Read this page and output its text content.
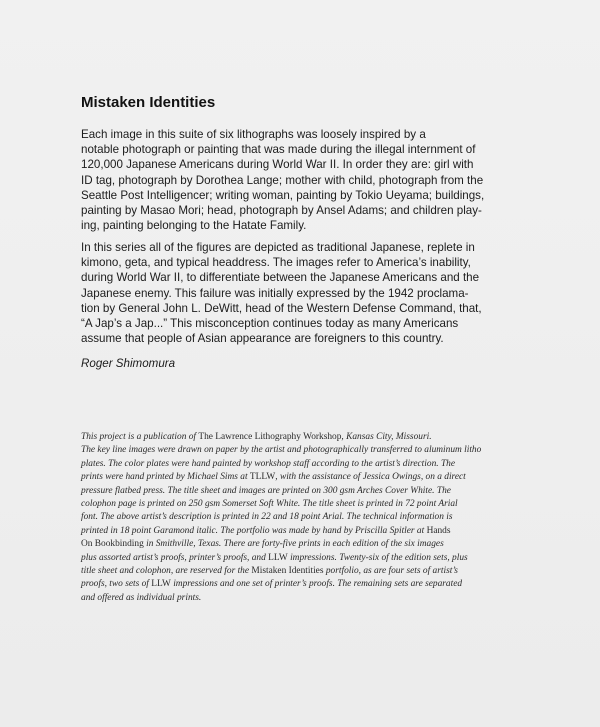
Mistaken Identities

Each image in this suite of six lithographs was loosely inspired by a
notable photograph or painting that was made during the illegal internment of
120,000 Japanese Americans during World War II. In order they are: girl with
ID tag, photograph by Dorothea Lange; mother with child, photograph from the
Seattle Post Intelligencer; writing woman, painting by Tokio Ueyama; buildings,
painting by Masao Mori; head, photograph by Ansel Adams; and children play-
ing, painting belonging to the Hatate Family.

In this series all of the figures are depicted as traditional Japanese, replete in
kimono, geta, and typical headdress. The images refer to America’s inability,
during World War II, to differentiate between the Japanese Americans and the
Japanese enemy. This failure was initially expressed by the 1942 proclama-
tion by General John L. DeWitt, head of the Western Defense Command, that,
“A Jap’s a Jap...” This misconception continues today as many Americans
assume that people of Asian appearance are foreigners to this country.

Roger Shimomura

This project is a publication of The Lawrence Lithography Workshop, Kansas City, Missouri.
The key line images were drawn on paper by the artist and photographically transferred to aluminum litho
plates. The color plates were hand painted by workshop staff according to the artist’s direction. The
prints were hand printed by Michael Sims at TLLW, with the assistance of Jessica Owings, on a direct
pressure flatbed press. The title sheet and images are printed on 300 gsm Arches Cover White. The
colophon page is printed on 250 gsm Somerset Soft White. The title sheet is printed in 72 point Arial
font. The above artist’s description is printed in 22 and 18 point Arial. The technical information is
printed in 18 point Garamond italic. The portfolio was made by hand by Priscilla Spitler at Hands
On Bookbinding in Smithville, Texas. There are forty-five prints in each edition of the six images
plus assorted artist’s proofs, printer’s proofs, and LLW impressions. Twenty-six of the edition sets, plus
title sheet and colophon, are reserved for the Mistaken Identities portfolio, as are four sets of artist’s
proofs, two sets of LLW impressions and one set of printer’s proofs. The remaining sets are separated
and offered as individual prints.
